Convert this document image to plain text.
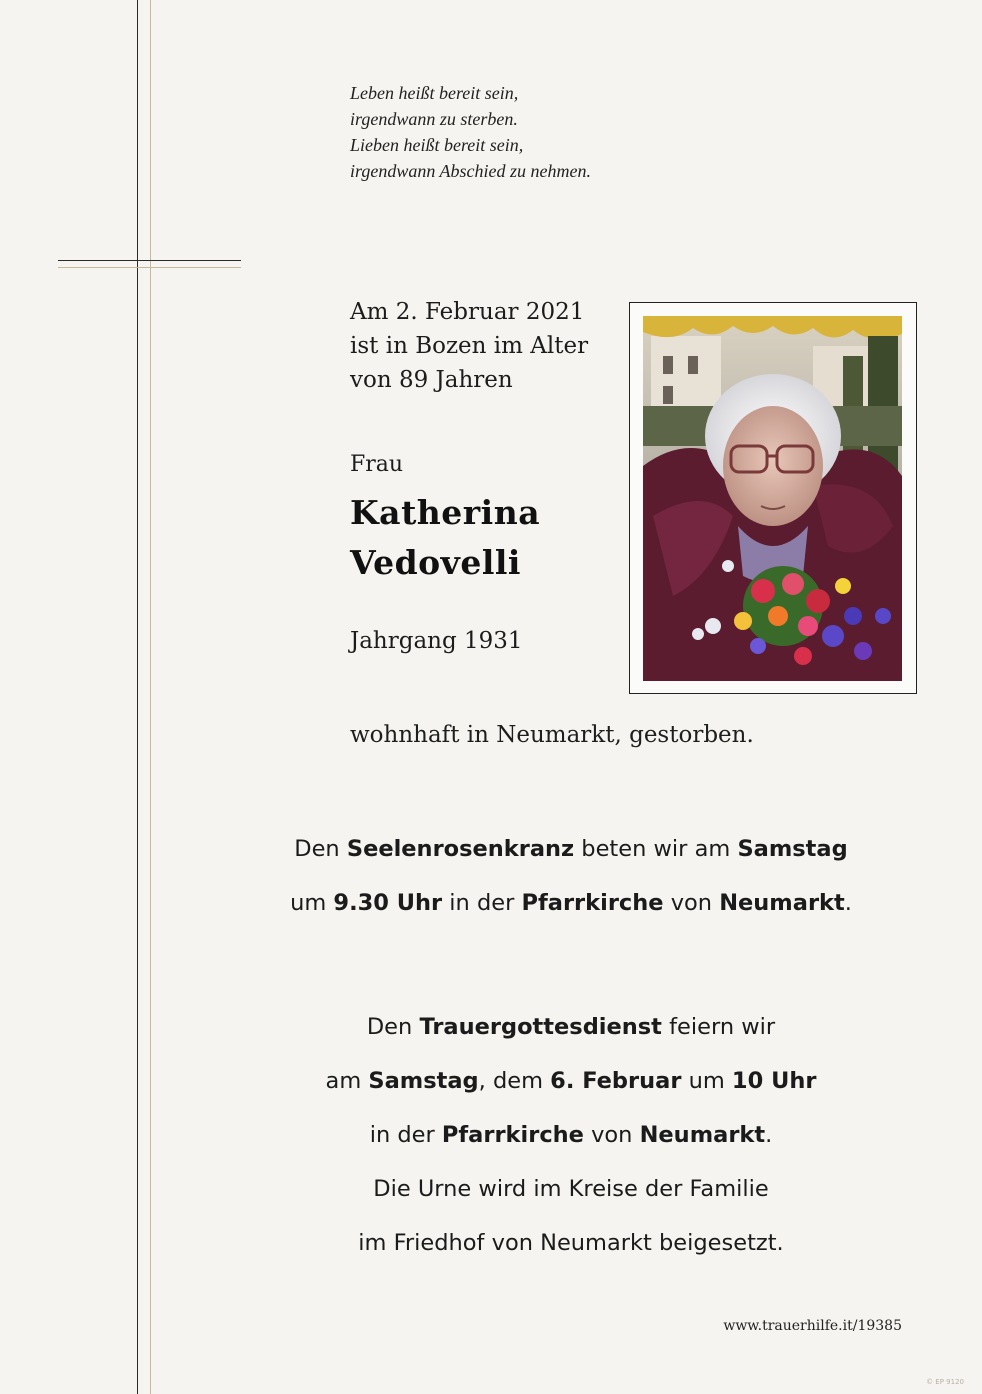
Leben heißt bereit sein,
irgendwann zu sterben.
Lieben heißt bereit sein,
irgendwann Abschied zu nehmen.
Am 2. Februar 2021
ist in Bozen im Alter
von 89 Jahren
Frau
Katherina
Vedovelli
Jahrgang 1931
wohnhaft in Neumarkt, gestorben.
Den Seelenrosenkranz beten wir am Samstag
um 9.30 Uhr in der Pfarrkirche von Neumarkt.
Den Trauergottesdienst feiern wir
am Samstag, dem 6. Februar um 10 Uhr
in der Pfarrkirche von Neumarkt.
Die Urne wird im Kreise der Familie
im Friedhof von Neumarkt beigesetzt.
www.trauerhilfe.it/19385
© EP 9120
